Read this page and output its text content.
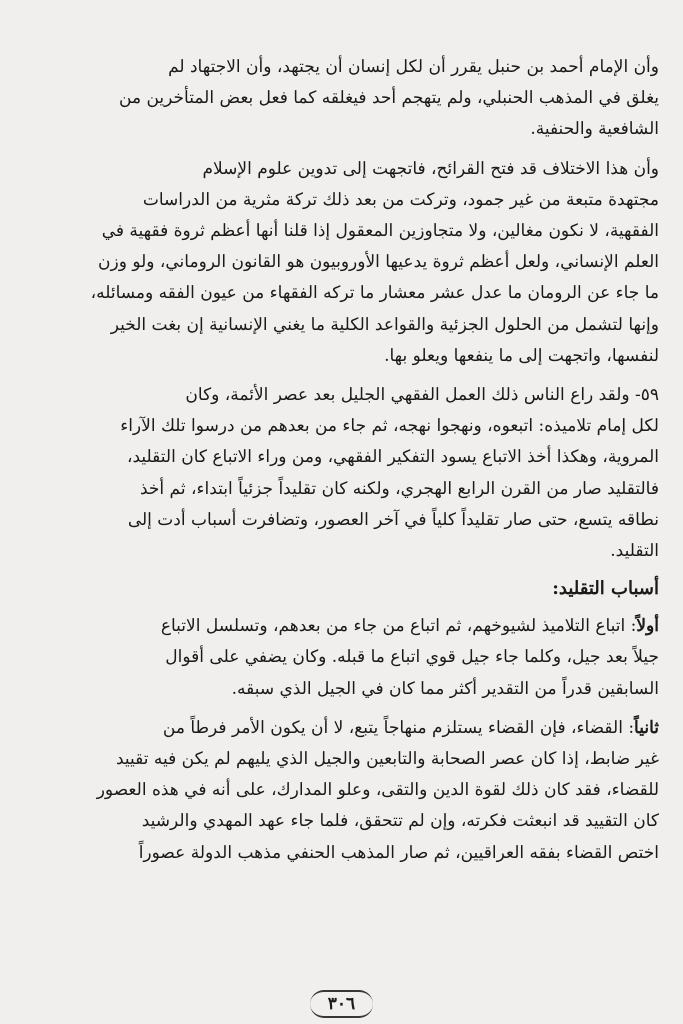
وأن الإمام أحمد بن حنبل يقرر أن لكل إنسان أن يجتهد، وأن الاجتهاد لم
يغلق في المذهب الحنبلي، ولم يتهجم أحد فيغلقه كما فعل بعض المتأخرين من
الشافعية والحنفية.

وأن هذا الاختلاف قد فتح القرائح، فاتجهت إلى تدوين علوم الإسلام
مجتهدة متبعة من غير جمود، وتركت من بعد ذلك تركة مثرية من الدراسات
الفقهية، لا نكون مغالين، ولا متجاوزين المعقول إذا قلنا أنها أعظم ثروة فقهية في
العلم الإنساني، ولعل أعظم ثروة يدعيها الأوروبيون هو القانون الروماني، ولو وزن
ما جاء عن الرومان ما عدل عشر معشار ما تركه الفقهاء من عيون الفقه ومسائله،
وإنها لتشمل من الحلول الجزئية والقواعد الكلية ما يغني الإنسانية إن بغت الخير
لنفسها، واتجهت إلى ما ينفعها ويعلو بها.

٥٩- ولقد راع الناس ذلك العمل الفقهي الجليل بعد عصر الأئمة، وكان
لكل إمام تلاميذه: اتبعوه، ونهجوا نهجه، ثم جاء من بعدهم من درسوا تلك الآراء
المروية، وهكذا أخذ الاتباع يسود التفكير الفقهي، ومن وراء الاتباع كان التقليد،
فالتقليد صار من القرن الرابع الهجري، ولكنه كان تقليداً جزئياً ابتداء، ثم أخذ
نطاقه يتسع، حتى صار تقليداً كلياً في آخر العصور، وتضافرت أسباب أدت إلى
التقليد.

أسباب التقليد:

أولاً: اتباع التلاميذ لشيوخهم، ثم اتباع من جاء من بعدهم، وتسلسل الاتباع
جيلاً بعد جيل، وكلما جاء جيل قوي اتباع ما قبله. وكان يضفي على أقوال
السابقين قدراً من التقدير أكثر مما كان في الجيل الذي سبقه.

ثانياً: القضاء، فإن القضاء يستلزم منهاجاً يتبع، لا أن يكون الأمر فرطاً من
غير ضابط، إذا كان عصر الصحابة والتابعين والجيل الذي يليهم لم يكن فيه تقييد
للقضاء، فقد كان ذلك لقوة الدين والتقى، وعلو المدارك، على أنه في هذه العصور
كان التقييد قد انبعثت فكرته، وإن لم تتحقق، فلما جاء عهد المهدي والرشيد
اختص القضاء بفقه العراقيين، ثم صار المذهب الحنفي مذهب الدولة عصوراً

٣٠٦
